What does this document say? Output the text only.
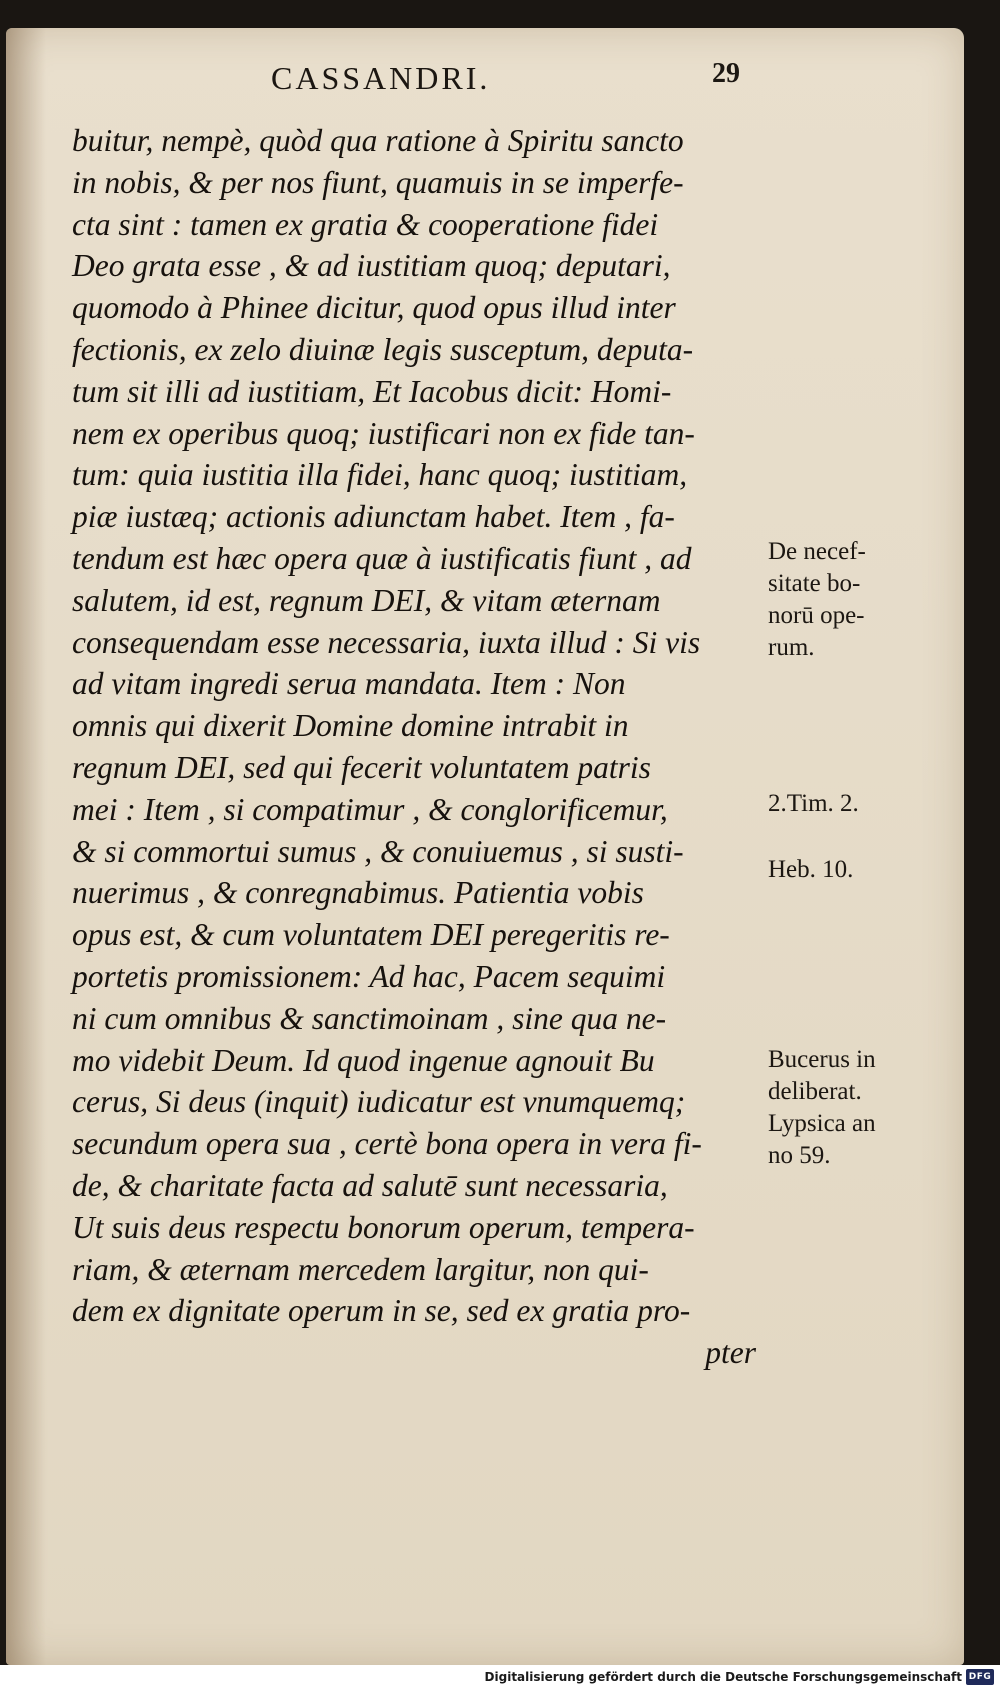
CASSANDRI.	29
buitur, nempè, quòd qua ratione à Spiritu sancto
in nobis, & per nos fiunt, quamuis in se imperfe-
cta sint : tamen ex gratia & cooperatione fidei
Deo grata esse , & ad iustitiam quoq; deputari,
quomodo à Phinee dicitur, quod opus illud inter
fectionis, ex zelo diuinæ legis susceptum, deputa-
tum sit illi ad iustitiam, Et Iacobus dicit: Homi-
nem ex operibus quoq; iustificari non ex fide tan-
tum: quia iustitia illa fidei, hanc quoq; iustitiam,
piæ iustæq; actionis adiunctam habet. Item , fa-
tendum est hæc opera quæ à iustificatis fiunt , ad
salutem, id est, regnum DEI, & vitam æternam
consequendam esse necessaria, iuxta illud : Si vis
ad vitam ingredi serua mandata. Item : Non
omnis qui dixerit Domine domine intrabit in
regnum DEI, sed qui fecerit voluntatem patris
mei : Item , si compatimur , & conglorificemur,
& si commortui sumus , & conuiuemus , si susti-
nuerimus , & conregnabimus. Patientia vobis
opus est, & cum voluntatem DEI peregeritis re-
portetis promissionem: Ad hac, Pacem sequimi
ni cum omnibus & sanctimoinam , sine qua ne-
mo videbit Deum. Id quod ingenue agnouit Bu
cerus, Si deus (inquit) iudicatur est vnumquemq;
secundum opera sua , certè bona opera in vera fi-
de, & charitate facta ad salutē sunt necessaria,
Ut suis deus respectu bonorum operum, tempera-
riam, & æternam mercedem largitur, non qui-
dem ex dignitate operum in se, sed ex gratia pro-
pter
De necef-
sitate bo-
norū ope-
rum.
2.Tim. 2.
Heb. 10.
Bucerus in
deliberat.
Lypsica an
no 59.
Digitalisierung gefördert durch die Deutsche Forschungsgemeinschaft DFG
